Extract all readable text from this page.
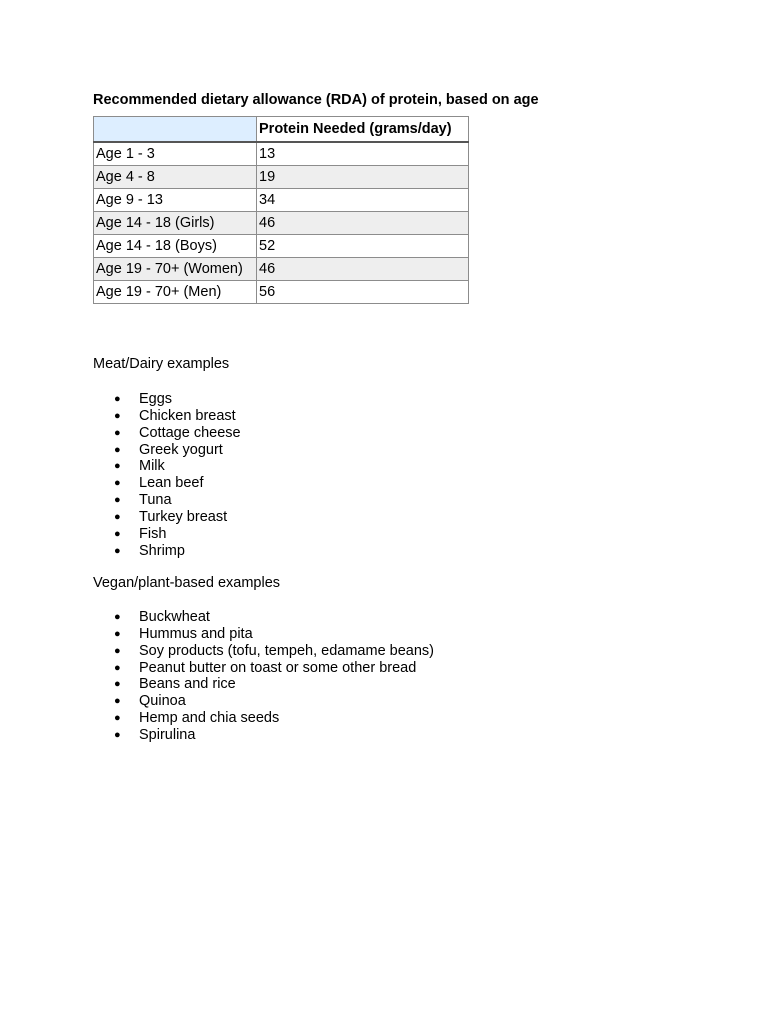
Recommended dietary allowance (RDA) of protein, based on age
	Protein Needed (grams/day)
Age 1 - 3	13
Age 4 - 8	19
Age 9 - 13	34
Age 14 - 18 (Girls)	46
Age 14 - 18 (Boys)	52
Age 19 - 70+ (Women)	46
Age 19 - 70+ (Men)	56
Meat/Dairy examples
● Eggs
● Chicken breast
● Cottage cheese
● Greek yogurt
● Milk
● Lean beef
● Tuna
● Turkey breast
● Fish
● Shrimp
Vegan/plant-based examples
● Buckwheat
● Hummus and pita
● Soy products (tofu, tempeh, edamame beans)
● Peanut butter on toast or some other bread
● Beans and rice
● Quinoa
● Hemp and chia seeds
● Spirulina
